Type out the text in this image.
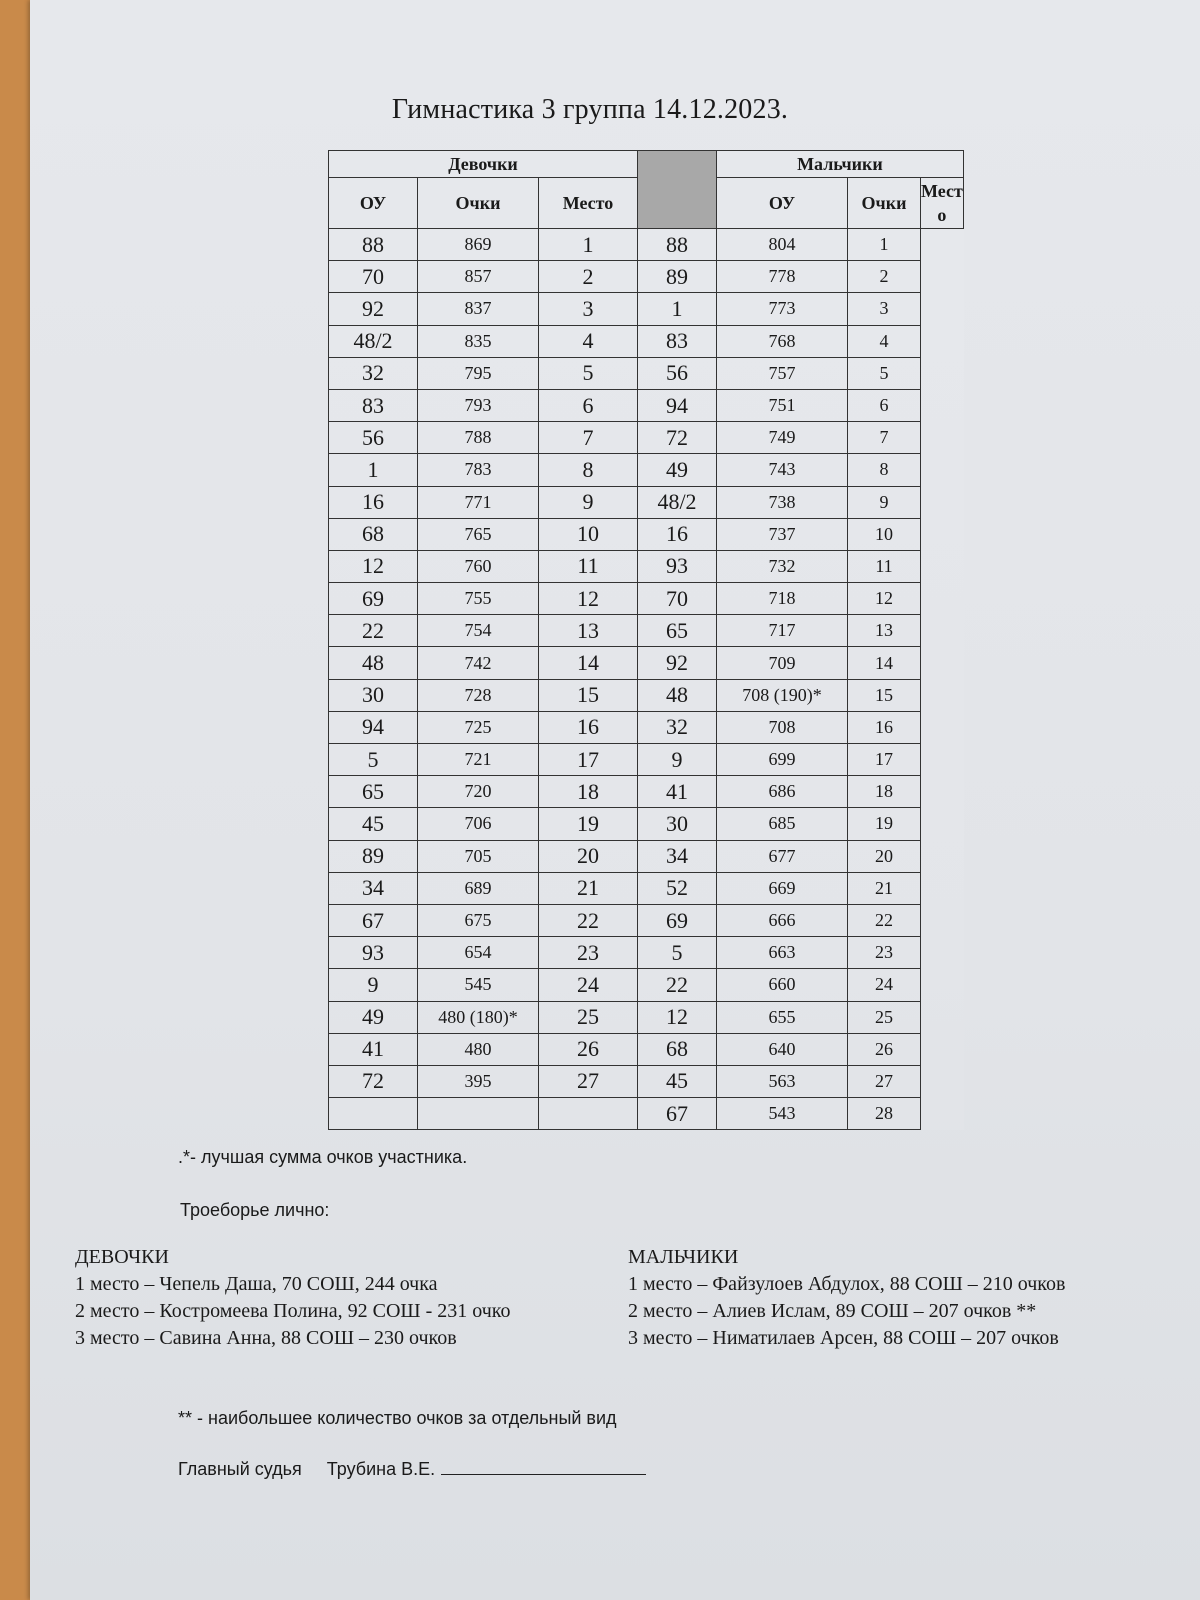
Гимнастика 3 группа 14.12.2023.
Девочки				Мальчики		
ОУ	Очки	Место		ОУ	Очки	Мест
о
88	869	1	88	804	1	
70	857	2	89	778	2	
92	837	3	1	773	3	
48/2	835	4	83	768	4	
32	795	5	56	757	5	
83	793	6	94	751	6	
56	788	7	72	749	7	
1	783	8	49	743	8	
16	771	9	48/2	738	9	
68	765	10	16	737	10	
12	760	11	93	732	11	
69	755	12	70	718	12	
22	754	13	65	717	13	
48	742	14	92	709	14	
30	728	15	48	708 (190)*	15	
94	725	16	32	708	16	
5	721	17	9	699	17	
65	720	18	41	686	18	
45	706	19	30	685	19	
89	705	20	34	677	20	
34	689	21	52	669	21	
67	675	22	69	666	22	
93	654	23	5	663	23	
9	545	24	22	660	24	
49	480 (180)*	25	12	655	25	
41	480	26	68	640	26	
72	395	27	45	563	27	
			67	543	28	
.*- лучшая сумма очков участника.
Троеборье лично:
ДЕВОЧКИ
1 место – Чепель Даша, 70 СОШ, 244 очка
2 место – Костромеева Полина, 92 СОШ - 231 очко
3 место – Савина Анна, 88 СОШ – 230 очков
МАЛЬЧИКИ
1 место – Файзулоев Абдулох, 88 СОШ – 210 очков
2 место – Алиев Ислам, 89 СОШ – 207 очков **
3 место – Ниматилаев Арсен, 88 СОШ – 207 очков
** - наибольшее количество очков за отдельный вид
Главный судья Трубина В.Е.
